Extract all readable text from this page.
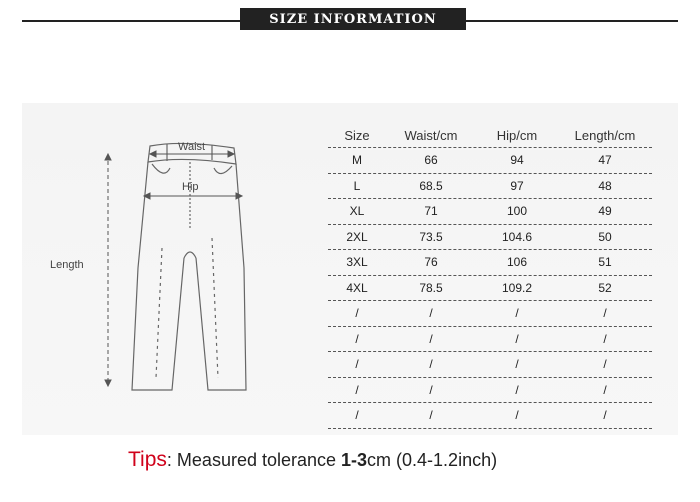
SIZE INFORMATION
Waist
Hip
Length
Size	Waist/cm	Hip/cm	Length/cm
M	66	94	47
L	68.5	97	48
XL	71	100	49
2XL	73.5	104.6	50
3XL	76	106	51
4XL	78.5	109.2	52
/	/	/	/
/	/	/	/
/	/	/	/
/	/	/	/
/	/	/	/
Tips: Measured tolerance 1-3cm (0.4-1.2inch)
